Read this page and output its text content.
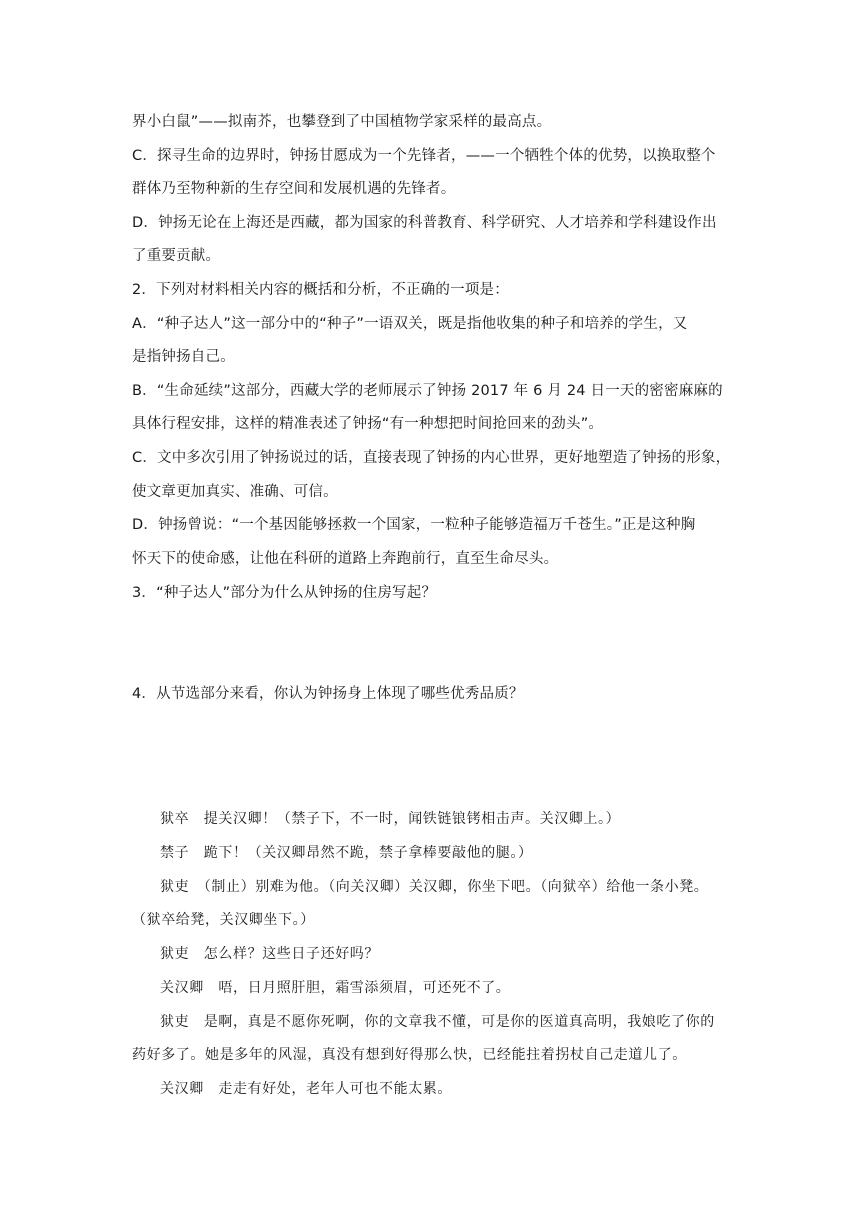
界小白鼠”——拟南芥，也攀登到了中国植物学家采样的最高点。
C．探寻生命的边界时，钟扬甘愿成为一个先锋者，——一个牺牲个体的优势，以换取整个
群体乃至物种新的生存空间和发展机遇的先锋者。
D．钟扬无论在上海还是西藏，都为国家的科普教育、科学研究、人才培养和学科建设作出
了重要贡献。
2．下列对材料相关内容的概括和分析，不正确的一项是：
A．“种子达人”这一部分中的“种子”一语双关，既是指他收集的种子和培养的学生，又
是指钟扬自己。
B．“生命延续”这部分，西藏大学的老师展示了钟扬 2017 年 6 月 24 日一天的密密麻麻的
具体行程安排，这样的精准表述了钟扬“有一种想把时间抢回来的劲头”。
C．文中多次引用了钟扬说过的话，直接表现了钟扬的内心世界，更好地塑造了钟扬的形象，
使文章更加真实、准确、可信。
D．钟扬曾说：“一个基因能够拯救一个国家，一粒种子能够造福万千苍生。”正是这种胸
怀天下的使命感，让他在科研的道路上奔跑前行，直至生命尽头。
3．“种子达人”部分为什么从钟扬的住房写起？
4．从节选部分来看，你认为钟扬身上体现了哪些优秀品质？
狱卒　提关汉卿！（禁子下，不一时，闻铁链锒铐相击声。关汉卿上。）
禁子　跪下！（关汉卿昂然不跪，禁子拿棒要敲他的腿。）
狱吏　（制止）别难为他。（向关汉卿）关汉卿，你坐下吧。（向狱卒）给他一条小凳。
（狱卒给凳，关汉卿坐下。）
狱吏　怎么样？这些日子还好吗？
关汉卿　唔，日月照肝胆，霜雪添须眉，可还死不了。
狱吏　是啊，真是不愿你死啊，你的文章我不懂，可是你的医道真高明，我娘吃了你的
药好多了。她是多年的风湿，真没有想到好得那么快，已经能拄着拐杖自己走道儿了。
关汉卿　走走有好处，老年人可也不能太累。
